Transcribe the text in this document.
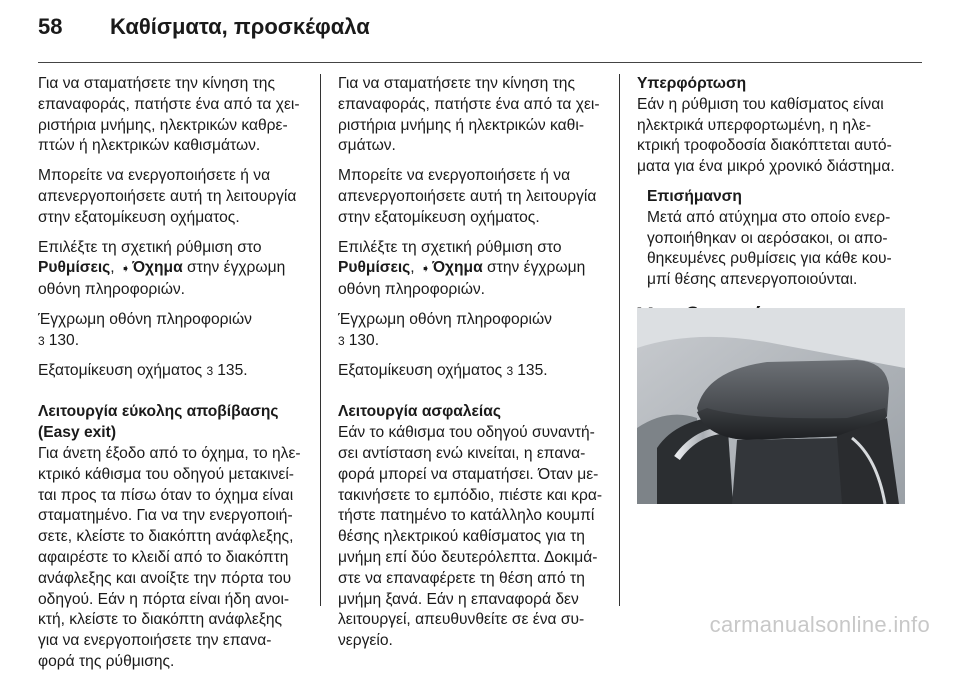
58	Καθίσματα, προσκέφαλα

Για να σταματήσετε την κίνηση της επαναφοράς, πατήστε ένα από τα χει- ριστήρια μνήμης, ηλεκτρικών καθρε- πτών ή ηλεκτρικών καθισμάτων.

Μπορείτε να ενεργοποιήσετε ή να απενεργοποιήσετε αυτή τη λειτουργία στην εξατομίκευση οχήματος.

Επιλέξτε τη σχετική ρύθμιση στο
Ρυθμίσεις, ➧ Όχημα στην έγχρωμη οθόνη πληροφοριών.

Έγχρωμη οθόνη πληροφοριών
3 130.

Εξατομίκευση οχήματος 3 135.

Λειτουργία εύκολης αποβίβασης (Easy exit)

Για άνετη έξοδο από το όχημα, το ηλε- κτρικό κάθισμα του οδηγού μετακινεί- ται προς τα πίσω όταν το όχημα είναι σταματημένο. Για να την ενεργοποιή- σετε, κλείστε το διακόπτη ανάφλεξης, αφαιρέστε το κλειδί από το διακόπτη ανάφλεξης και ανοίξτε την πόρτα του οδηγού. Εάν η πόρτα είναι ήδη ανοι- κτή, κλείστε το διακόπτη ανάφλεξης για να ενεργοποιήσετε την επανα- φορά της ρύθμισης.

Για να σταματήσετε την κίνηση της επαναφοράς, πατήστε ένα από τα χει- ριστήρια μνήμης ή ηλεκτρικών καθι- σμάτων.

Μπορείτε να ενεργοποιήσετε ή να απενεργοποιήσετε αυτή τη λειτουργία στην εξατομίκευση οχήματος.

Επιλέξτε τη σχετική ρύθμιση στο
Ρυθμίσεις, ➧ Όχημα στην έγχρωμη οθόνη πληροφοριών.

Έγχρωμη οθόνη πληροφοριών
3 130.

Εξατομίκευση οχήματος 3 135.

Λειτουργία ασφαλείας

Εάν το κάθισμα του οδηγού συναντή- σει αντίσταση ενώ κινείται, η επανα- φορά μπορεί να σταματήσει. Όταν με- τακινήσετε το εμπόδιο, πιέστε και κρα- τήστε πατημένο το κατάλληλο κουμπί θέσης ηλεκτρικού καθίσματος για τη μνήμη επί δύο δευτερόλεπτα. Δοκιμά- στε να επαναφέρετε τη θέση από τη μνήμη ξανά. Εάν η επαναφορά δεν λειτουργεί, απευθυνθείτε σε ένα συ- νεργείο.

Υπερφόρτωση

Εάν η ρύθμιση του καθίσματος είναι ηλεκτρικά υπερφορτωμένη, η ηλε- κτρική τροφοδοσία διακόπτεται αυτό- ματα για ένα μικρό χρονικό διάστημα.

Επισήμανση

Μετά από ατύχημα στο οποίο ενερ- γοποιήθηκαν οι αερόσακοι, οι απο- θηκευμένες ρυθμίσεις για κάθε κου- μπί θέσης απενεργοποιούνται.

carmanualsonline.info
